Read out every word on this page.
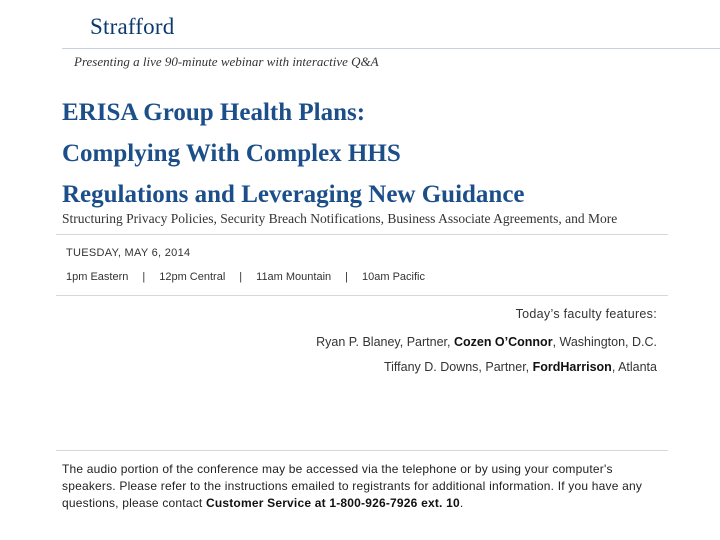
Strafford
Presenting a live 90-minute webinar with interactive Q&A
ERISA Group Health Plans:
Complying With Complex HHS
Regulations and Leveraging New Guidance
Structuring Privacy Policies, Security Breach Notifications, Business Associate Agreements, and More
TUESDAY, MAY 6, 2014
1pm Eastern	|	12pm Central	|	11am Mountain	|	10am Pacific
Today’s faculty features:
Ryan P. Blaney, Partner, Cozen O’Connor, Washington, D.C.
Tiffany D. Downs, Partner, FordHarrison, Atlanta
The audio portion of the conference may be accessed via the telephone or by using your computer's speakers. Please refer to the instructions emailed to registrants for additional information. If you have any questions, please contact Customer Service at 1-800-926-7926 ext. 10.
